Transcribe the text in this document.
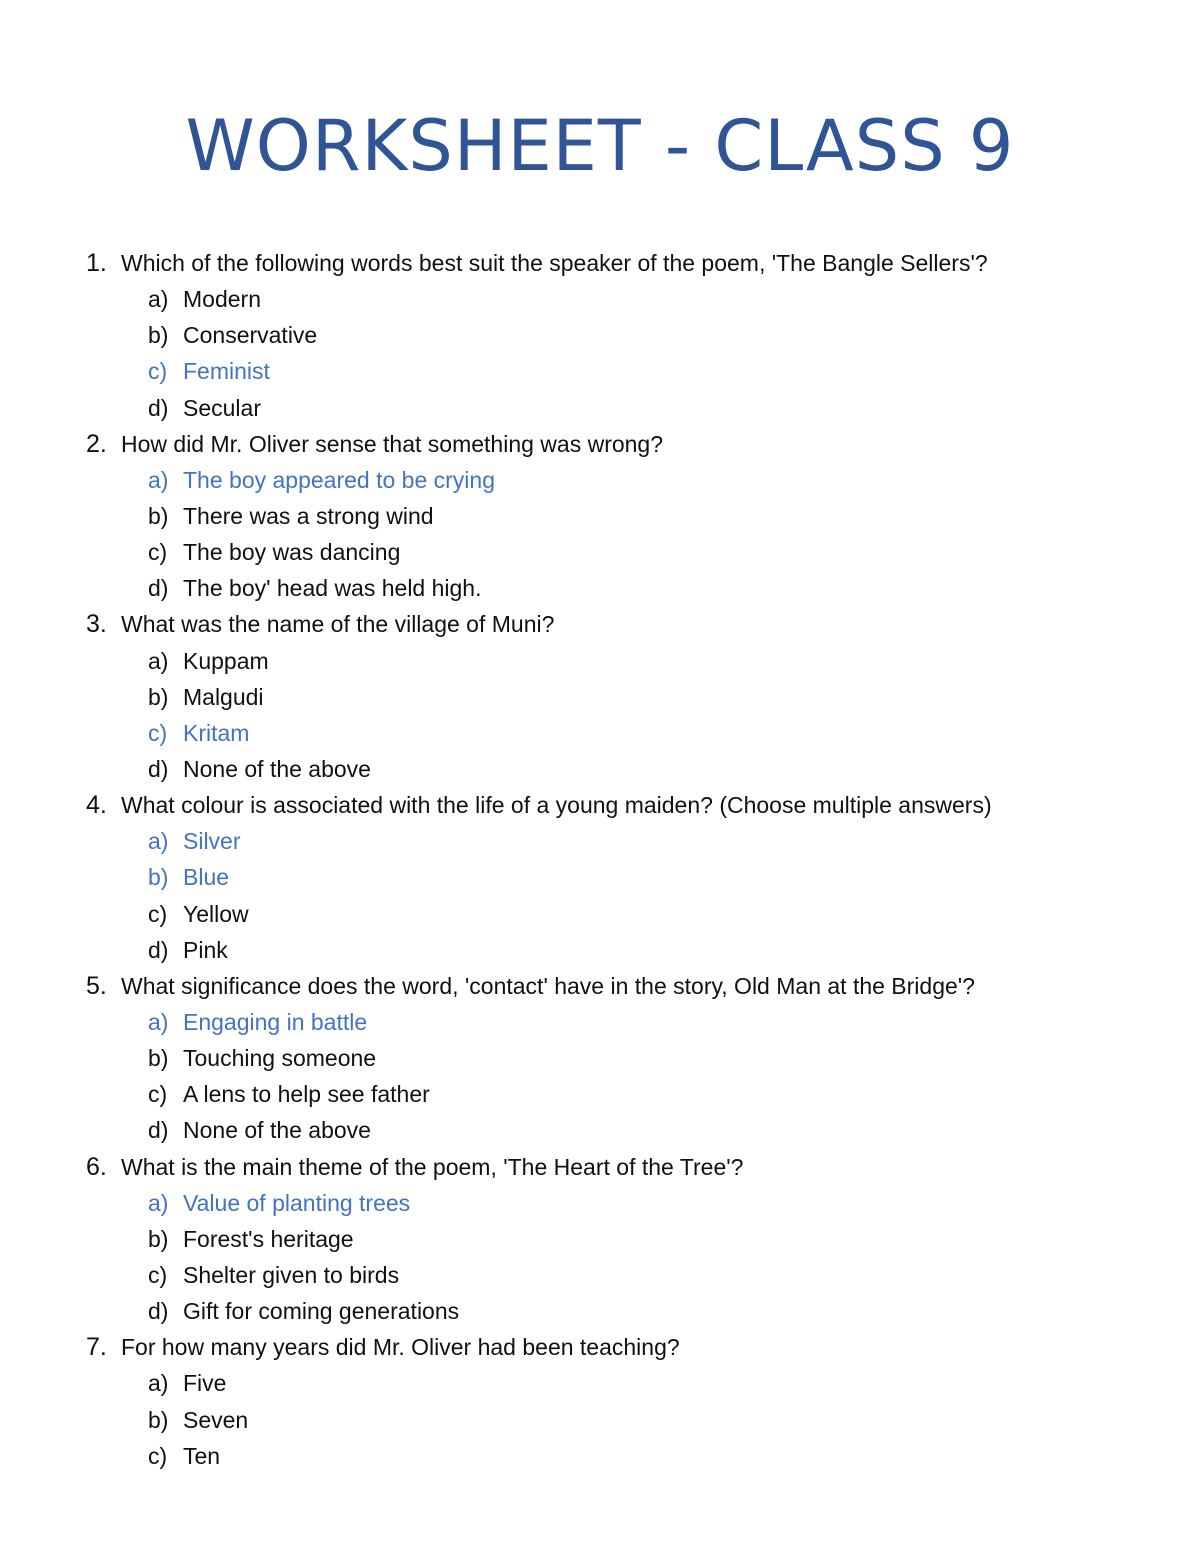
WORKSHEET - CLASS 9
1. Which of the following words best suit the speaker of the poem, 'The Bangle Sellers'?
a) Modern
b) Conservative
c) Feminist
d) Secular
2. How did Mr. Oliver sense that something was wrong?
a) The boy appeared to be crying
b) There was a strong wind
c) The boy was dancing
d) The boy' head was held high.
3. What was the name of the village of Muni?
a) Kuppam
b) Malgudi
c) Kritam
d) None of the above
4. What colour is associated with the life of a young maiden? (Choose multiple answers)
a) Silver
b) Blue
c) Yellow
d) Pink
5. What significance does the word, 'contact' have in the story, Old Man at the Bridge'?
a) Engaging in battle
b) Touching someone
c) A lens to help see father
d) None of the above
6. What is the main theme of the poem, 'The Heart of the Tree'?
a) Value of planting trees
b) Forest's heritage
c) Shelter given to birds
d) Gift for coming generations
7. For how many years did Mr. Oliver had been teaching?
a) Five
b) Seven
c) Ten
